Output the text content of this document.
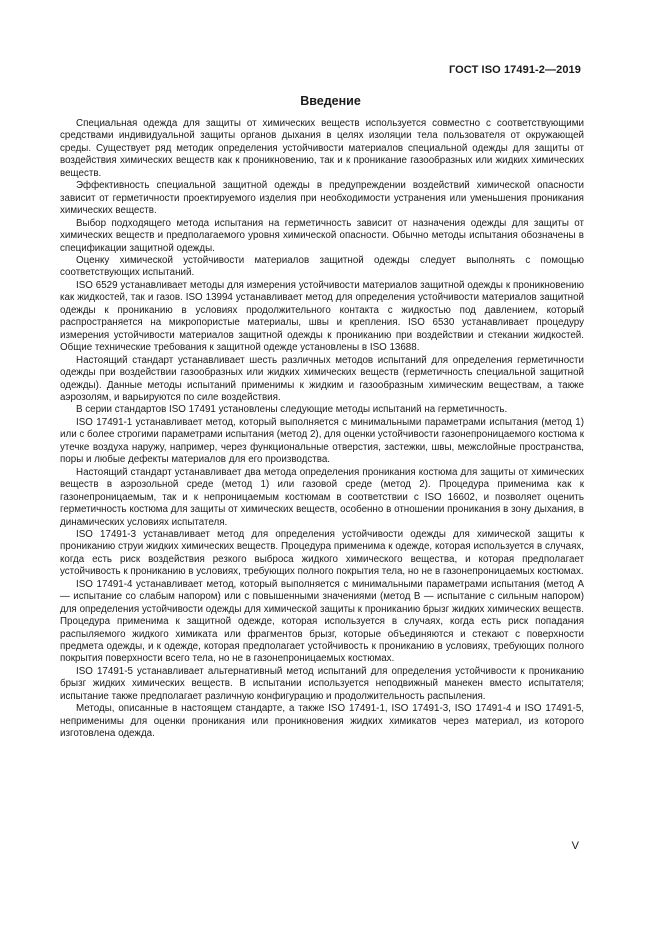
ГОСТ ISO 17491-2—2019
Введение

Специальная одежда для защиты от химических веществ используется совместно с соответствующими средствами индивидуальной защиты органов дыхания в целях изоляции тела пользователя от окружающей среды. Существует ряд методик определения устойчивости материалов специальной одежды для защиты от воздействия химических веществ как к проникновению, так и к проникание газообразных или жидких химических веществ.

Эффективность специальной защитной одежды в предупреждении воздействий химической опасности зависит от герметичности проектируемого изделия при необходимости устранения или уменьшения проникания химических веществ.

Выбор подходящего метода испытания на герметичность зависит от назначения одежды для защиты от химических веществ и предполагаемого уровня химической опасности. Обычно методы испытания обозначены в спецификации защитной одежды.

Оценку химической устойчивости материалов защитной одежды следует выполнять с помощью соответствующих испытаний.

ISO 6529 устанавливает методы для измерения устойчивости материалов защитной одежды к проникновению как жидкостей, так и газов. ISO 13994 устанавливает метод для определения устойчивости материалов защитной одежды к прониканию в условиях продолжительного контакта с жидкостью под давлением, который распространяется на микропористые материалы, швы и крепления. ISO 6530 устанавливает процедуру измерения устойчивости материалов защитной одежды к прониканию при воздействии и стекании жидкостей. Общие технические требования к защитной одежде установлены в ISO 13688.

Настоящий стандарт устанавливает шесть различных методов испытаний для определения герметичности одежды при воздействии газообразных или жидких химических веществ (герметичность специальной защитной одежды). Данные методы испытаний применимы к жидким и газообразным химическим веществам, а также аэрозолям, и варьируются по силе воздействия.

В серии стандартов ISO 17491 установлены следующие методы испытаний на герметичность.

ISO 17491-1 устанавливает метод, который выполняется с минимальными параметрами испытания (метод 1) или с более строгими параметрами испытания (метод 2), для оценки устойчивости газонепроницаемого костюма к утечке воздуха наружу, например, через функциональные отверстия, застежки, швы, межслойные пространства, поры и любые дефекты материалов для его производства.

Настоящий стандарт устанавливает два метода определения проникания костюма для защиты от химических веществ в аэрозольной среде (метод 1) или газовой среде (метод 2). Процедура применима как к газонепроницаемым, так и к непроницаемым костюмам в соответствии с ISO 16602, и позволяет оценить герметичность костюма для защиты от химических веществ, особенно в отношении проникания в зону дыхания, в динамических условиях испытателя.

ISO 17491-3 устанавливает метод для определения устойчивости одежды для химической защиты к прониканию струи жидких химических веществ. Процедура применима к одежде, которая используется в случаях, когда есть риск воздействия резкого выброса жидкого химического вещества, и которая предполагает устойчивость к прониканию в условиях, требующих полного покрытия тела, но не в газонепроницаемых костюмах.

ISO 17491-4 устанавливает метод, который выполняется с минимальными параметрами испытания (метод А — испытание со слабым напором) или с повышенными значениями (метод В — испытание с сильным напором) для определения устойчивости одежды для химической защиты к прониканию брызг жидких химических веществ. Процедура применима к защитной одежде, которая используется в случаях, когда есть риск попадания распыляемого жидкого химиката или фрагментов брызг, которые объединяются и стекают с поверхности предмета одежды, и к одежде, которая предполагает устойчивость к прониканию в условиях, требующих полного покрытия поверхности всего тела, но не в газонепроницаемых костюмах.

ISO 17491-5 устанавливает альтернативный метод испытаний для определения устойчивости к прониканию брызг жидких химических веществ. В испытании используется неподвижный манекен вместо испытателя; испытание также предполагает различную конфигурацию и продолжительность распыления.

Методы, описанные в настоящем стандарте, а также ISO 17491-1, ISO 17491-3, ISO 17491-4 и ISO 17491-5, неприменимы для оценки проникания или проникновения жидких химикатов через материал, из которого изготовлена одежда.

V
